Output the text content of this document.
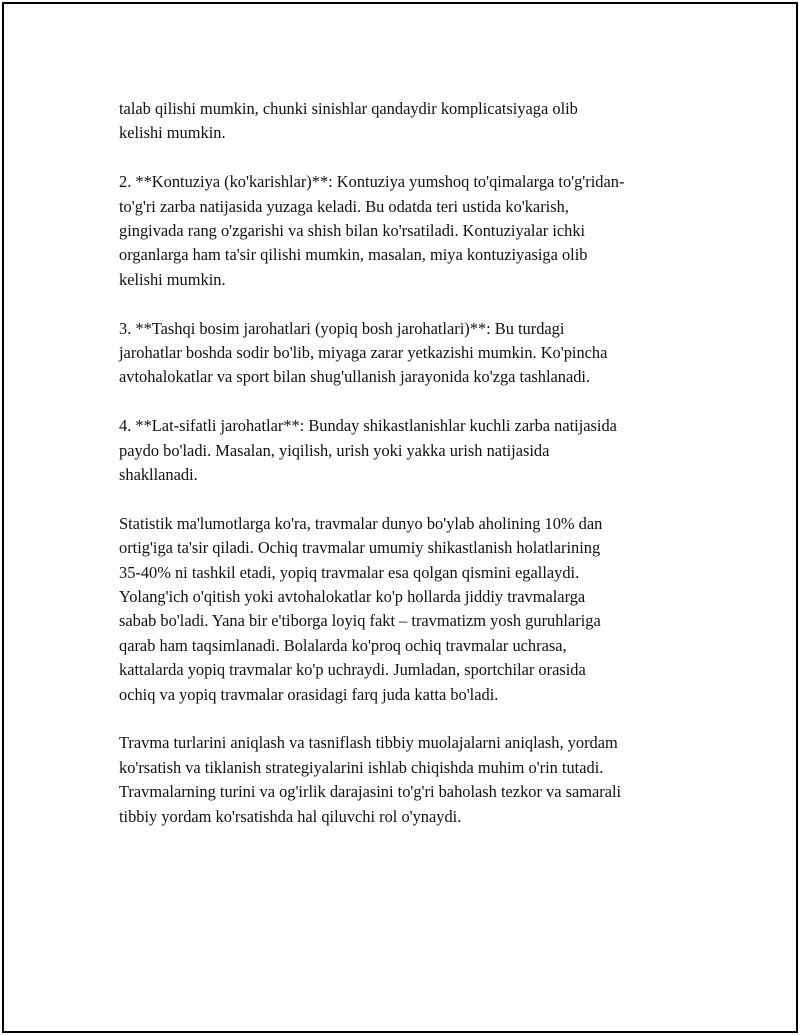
talab qilishi mumkin, chunki sinishlar qandaydir komplicatsiyaga olib
kelishi mumkin.

2. **Kontuziya (ko'karishlar)**: Kontuziya yumshoq to'qimalarga to'g'ridan-
to'g'ri zarba natijasida yuzaga keladi. Bu odatda teri ustida ko'karish,
gingivada rang o'zgarishi va shish bilan ko'rsatiladi. Kontuziyalar ichki
organlarga ham ta'sir qilishi mumkin, masalan, miya kontuziyasiga olib
kelishi mumkin.

3. **Tashqi bosim jarohatlari (yopiq bosh jarohatlari)**: Bu turdagi
jarohatlar boshda sodir bo'lib, miyaga zarar yetkazishi mumkin. Ko'pincha
avtohalokatlar va sport bilan shug'ullanish jarayonida ko'zga tashlanadi.

4. **Lat-sifatli jarohatlar**: Bunday shikastlanishlar kuchli zarba natijasida
paydo bo'ladi. Masalan, yiqilish, urish yoki yakka urish natijasida
shakllanadi.

Statistik ma'lumotlarga ko'ra, travmalar dunyo bo'ylab aholining 10% dan
ortig'iga ta'sir qiladi. Ochiq travmalar umumiy shikastlanish holatlarining
35-40% ni tashkil etadi, yopiq travmalar esa qolgan qismini egallaydi.
Yolang'ich o'qitish yoki avtohalokatlar ko'p hollarda jiddiy travmalarga
sabab bo'ladi. Yana bir e'tiborga loyiq fakt – travmatizm yosh guruhlariga
qarab ham taqsimlanadi. Bolalarda ko'proq ochiq travmalar uchrasa,
kattalarda yopiq travmalar ko'p uchraydi. Jumladan, sportchilar orasida
ochiq va yopiq travmalar orasidagi farq juda katta bo'ladi.

Travma turlarini aniqlash va tasniflash tibbiy muolajalarni aniqlash, yordam
ko'rsatish va tiklanish strategiyalarini ishlab chiqishda muhim o'rin tutadi.
Travmalarning turini va og'irlik darajasini to'g'ri baholash tezkor va samarali
tibbiy yordam ko'rsatishda hal qiluvchi rol o'ynaydi.
